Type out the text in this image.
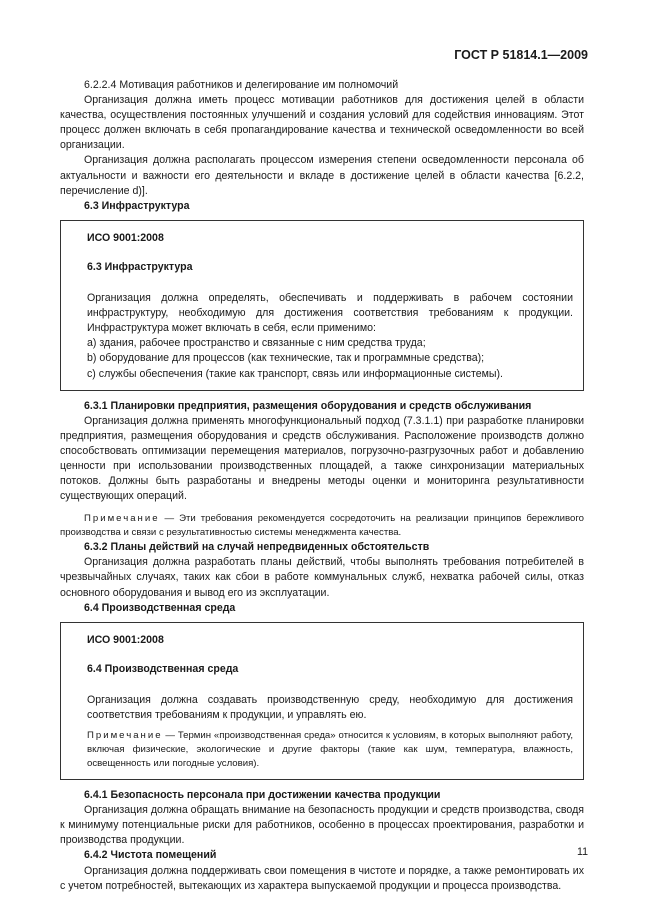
ГОСТ Р 51814.1—2009

6.2.2.4 Мотивация работников и делегирование им полномочий

Организация должна иметь процесс мотивации работников для достижения целей в области качества, осуществления постоянных улучшений и создания условий для содействия инновациям. Этот процесс должен включать в себя пропагандирование качества и технической осведомленности во всей организации.

Организация должна располагать процессом измерения степени осведомленности персонала об актуальности и важности его деятельности и вкладе в достижение целей в области качества [6.2.2, перечисление d)].

6.3 Инфраструктура

ИСО 9001:2008

6.3 Инфраструктура

Организация должна определять, обеспечивать и поддерживать в рабочем состоянии инфраструктуру, необходимую для достижения соответствия требованиям к продукции. Инфраструктура может включать в себя, если применимо:

a) здания, рабочее пространство и связанные с ним средства труда;

b) оборудование для процессов (как технические, так и программные средства);

c) службы обеспечения (такие как транспорт, связь или информационные системы).

6.3.1 Планировки предприятия, размещения оборудования и средств обслуживания

Организация должна применять многофункциональный подход (7.3.1.1) при разработке планировки предприятия, размещения оборудования и средств обслуживания. Расположение производств должно способствовать оптимизации перемещения материалов, погрузочно-разгрузочных работ и добавлению ценности при использовании производственных площадей, а также синхронизации материальных потоков. Должны быть разработаны и внедрены методы оценки и мониторинга результативности существующих операций.

Примечание — Эти требования рекомендуется сосредоточить на реализации принципов бережливого производства и связи с результативностью системы менеджмента качества.

6.3.2 Планы действий на случай непредвиденных обстоятельств

Организация должна разработать планы действий, чтобы выполнять требования потребителей в чрезвычайных случаях, таких как сбои в работе коммунальных служб, нехватка рабочей силы, отказ основного оборудования и вывод его из эксплуатации.

6.4 Производственная среда

ИСО 9001:2008

6.4 Производственная среда

Организация должна создавать производственную среду, необходимую для достижения соответствия требованиям к продукции, и управлять ею.

Примечание — Термин «производственная среда» относится к условиям, в которых выполняют работу, включая физические, экологические и другие факторы (такие как шум, температура, влажность, освещенность или погодные условия).

6.4.1 Безопасность персонала при достижении качества продукции

Организация должна обращать внимание на безопасность продукции и средств производства, сводя к минимуму потенциальные риски для работников, особенно в процессах проектирования, разработки и производства продукции.

6.4.2 Чистота помещений

Организация должна поддерживать свои помещения в чистоте и порядке, а также ремонтировать их с учетом потребностей, вытекающих из характера выпускаемой продукции и процесса производства.

11
